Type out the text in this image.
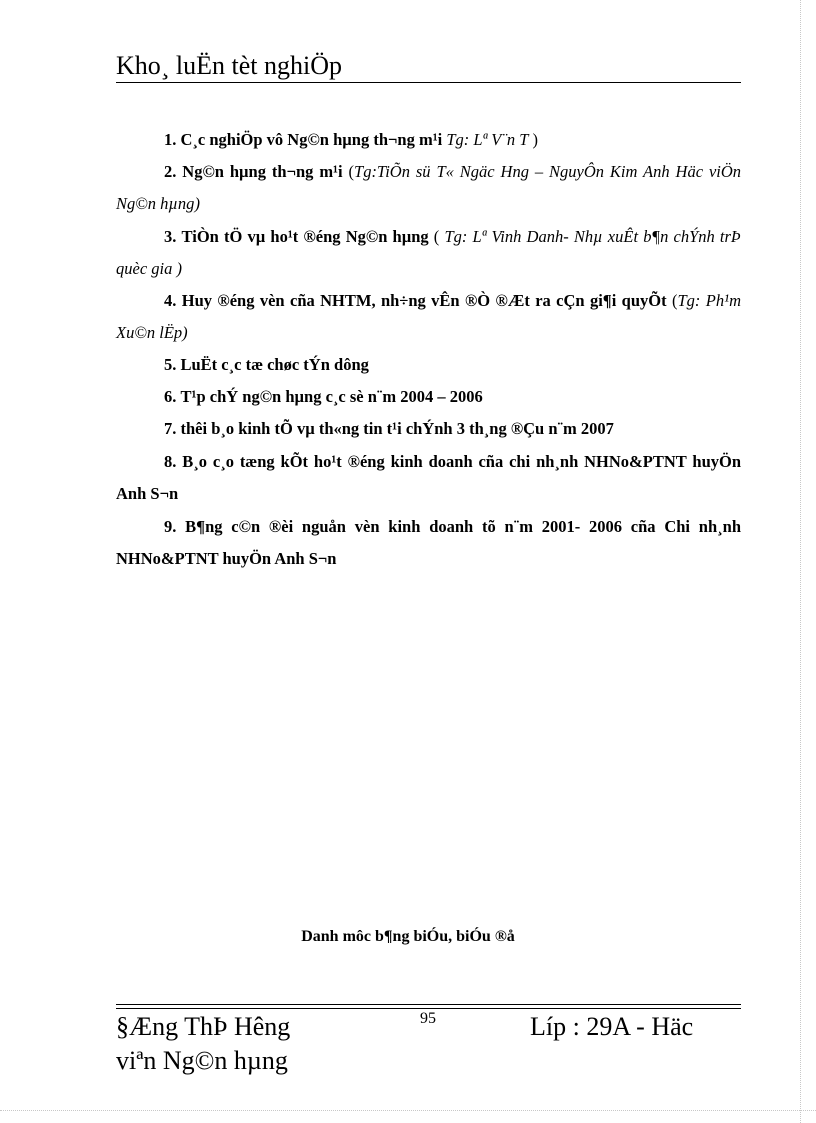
Kho¸ luËn tèt nghiÖp
1. C¸c nghiÖp vô Ng©n hµng th¬ng m¹i Tg: Lª V¨n T )
2. Ng©n hµng th¬ng m¹i (Tg:TiÕn sü T« Ngäc Hng – NguyÔn Kim Anh Häc viÖn Ng©n hµng)
3. TiÒn tÖ vµ ho¹t ®éng Ng©n hµng ( Tg: Lª Vinh Danh- Nhµ xuÊt b¶n chÝnh trÞ quèc gia )
4. Huy ®éng vèn cña NHTM, nh÷ng vÊn ®Ò ®Æt ra cÇn gi¶i quyÕt (Tg: Ph¹m Xu©n lËp)
5. LuËt c¸c tæ chøc tÝn dông
6. T¹p chÝ ng©n hµng c¸c sè n¨m 2004 – 2006
7. thêi b¸o kinh tÕ vµ th«ng tin t¹i chÝnh 3 th¸ng ®Çu n¨m 2007
8. B¸o c¸o tæng kÕt ho¹t ®éng kinh doanh cña chi nh¸nh NHNo&PTNT huyÖn Anh S¬n
9. B¶ng c©n ®èi nguån vèn kinh doanh tõ n¨m 2001- 2006 cña Chi nh¸nh NHNo&PTNT huyÖn Anh S¬n
Danh môc b¶ng biÓu, biÓu ®å
§Æng ThÞ Hêng
viªn Ng©n hµng
95	Líp : 29A - Häc
